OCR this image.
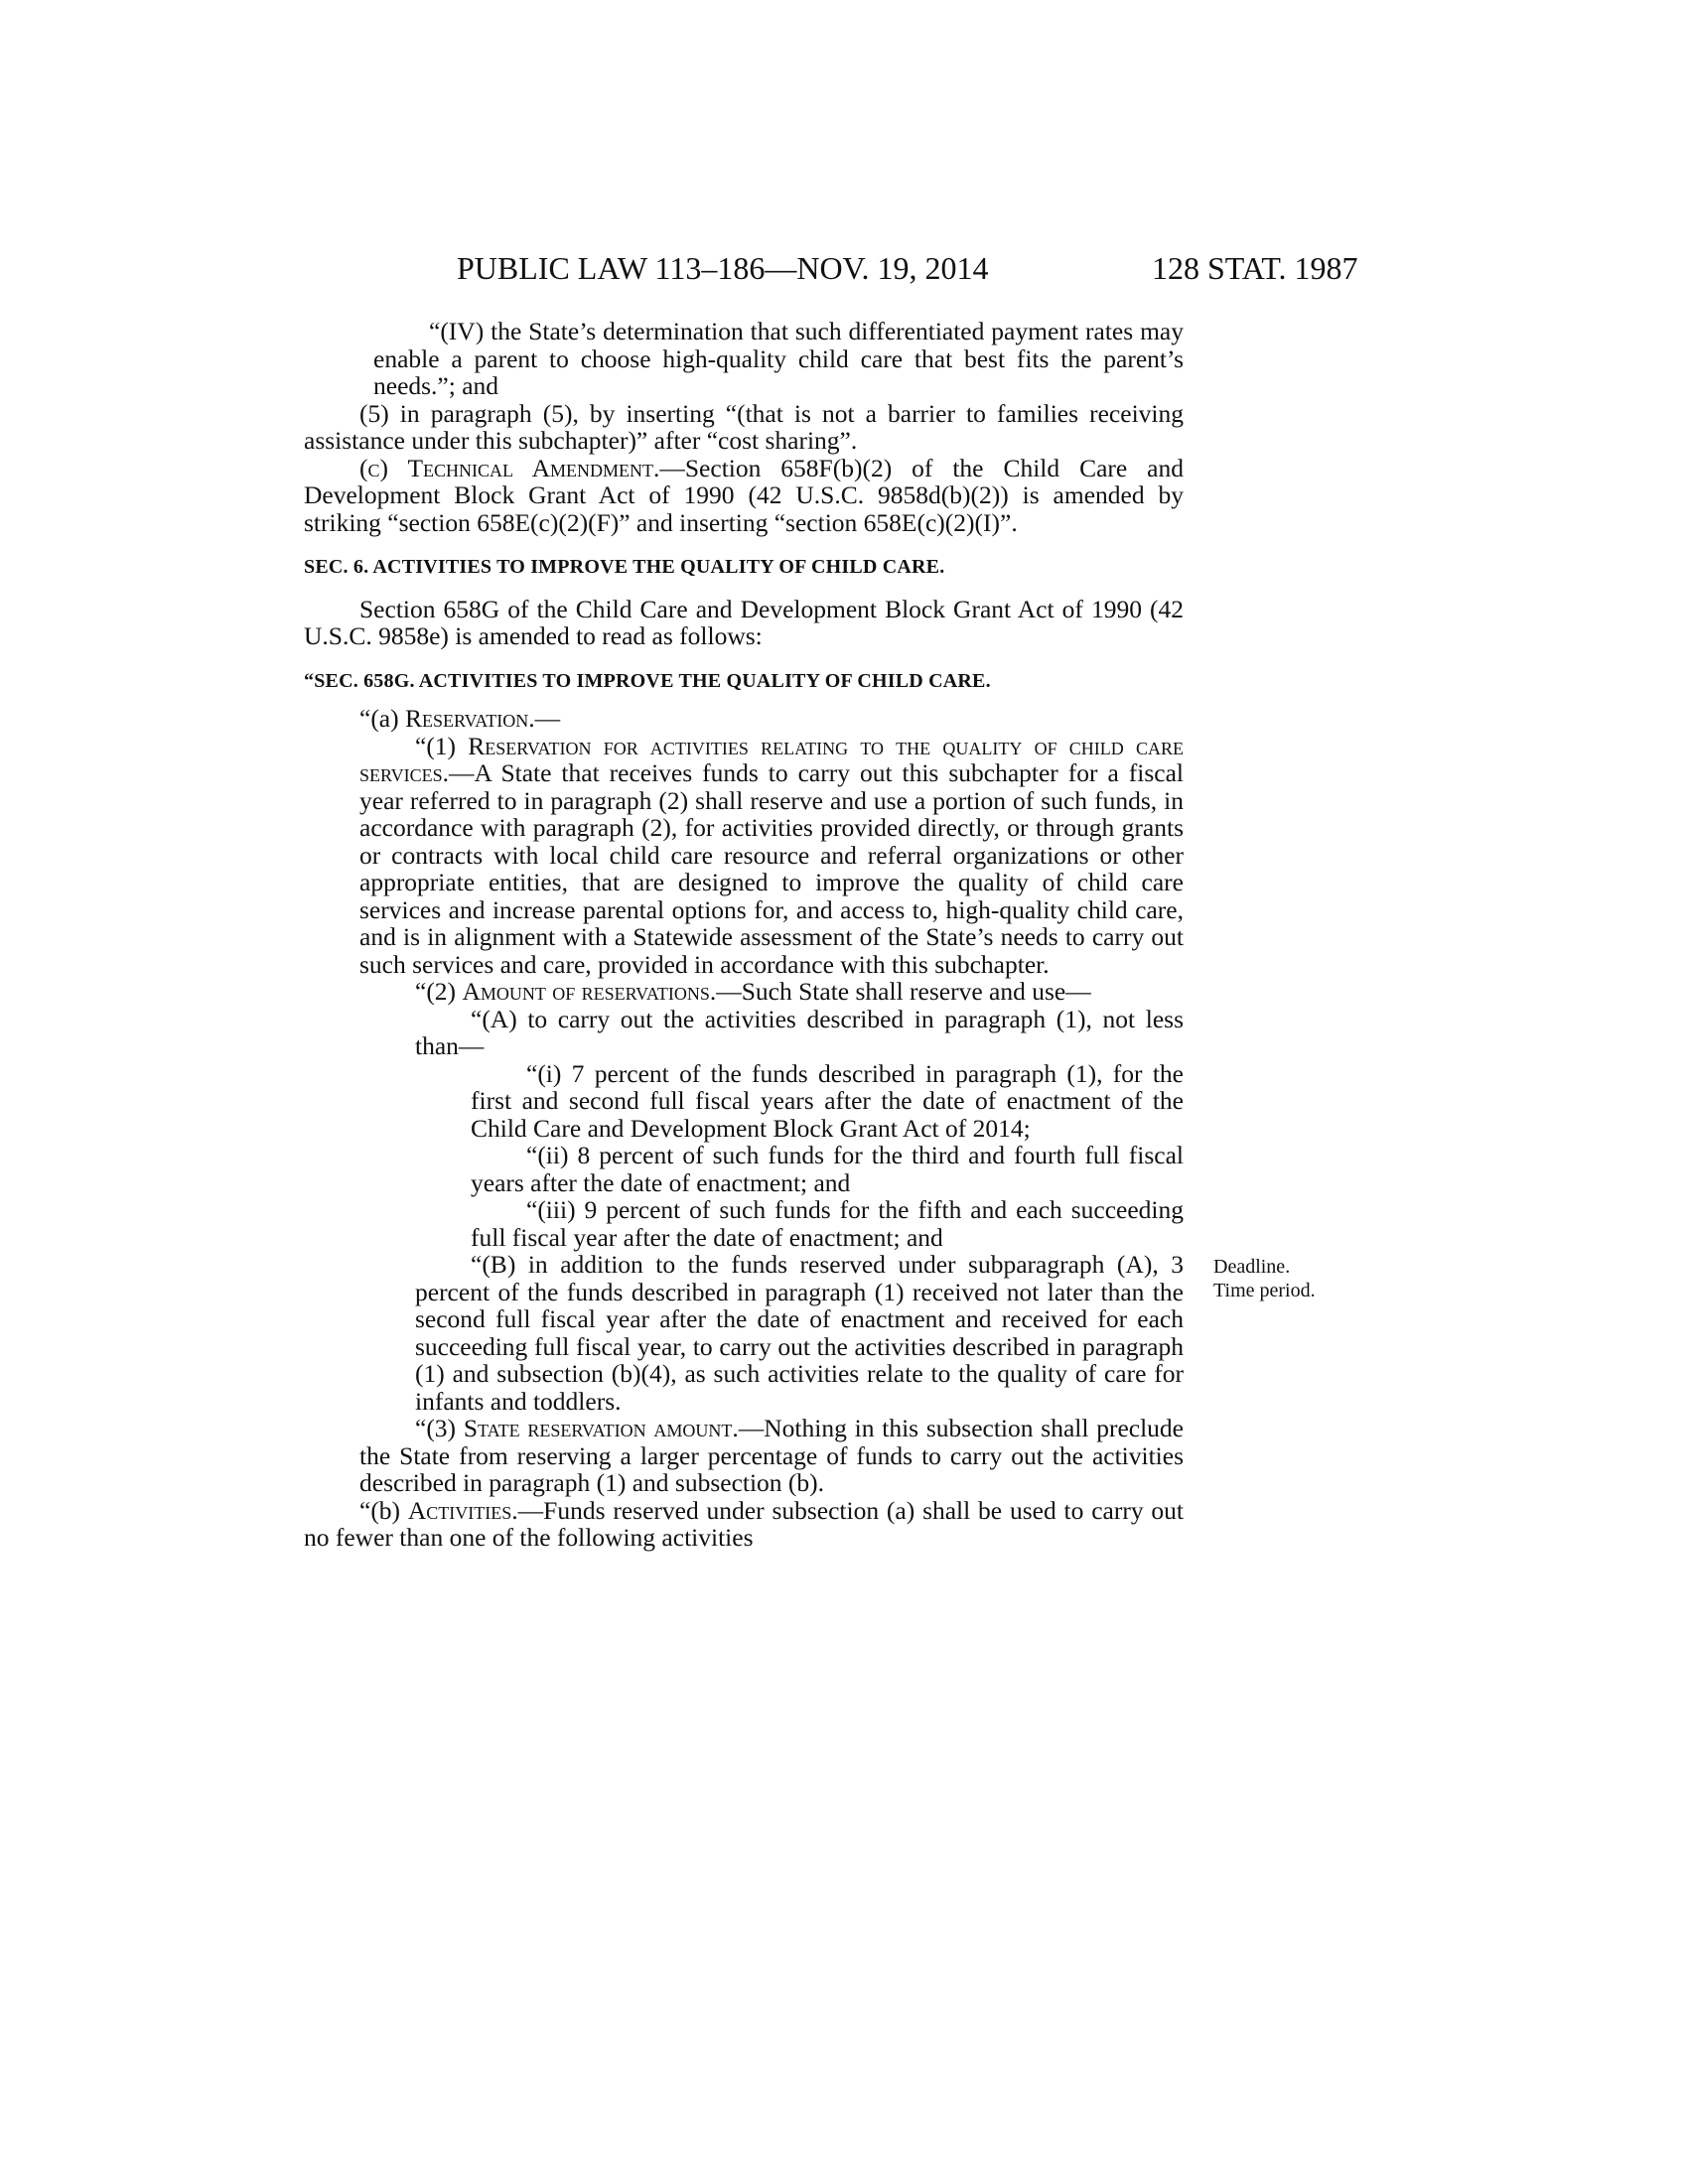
PUBLIC LAW 113–186—NOV. 19, 2014	128 STAT. 1987

“(IV) the State’s determination that such differentiated payment rates may enable a parent to choose high-quality child care that best fits the parent’s needs.”; and

(5) in paragraph (5), by inserting “(that is not a barrier to families receiving assistance under this subchapter)” after “cost sharing”.

(c) Technical Amendment.—Section 658F(b)(2) of the Child Care and Development Block Grant Act of 1990 (42 U.S.C. 9858d(b)(2)) is amended by striking “section 658E(c)(2)(F)” and inserting “section 658E(c)(2)(I)”.

SEC. 6. ACTIVITIES TO IMPROVE THE QUALITY OF CHILD CARE.

Section 658G of the Child Care and Development Block Grant Act of 1990 (42 U.S.C. 9858e) is amended to read as follows:

“SEC. 658G. ACTIVITIES TO IMPROVE THE QUALITY OF CHILD CARE.

“(a) Reservation.—

“(1) Reservation for activities relating to the quality of child care services.—A State that receives funds to carry out this subchapter for a fiscal year referred to in paragraph (2) shall reserve and use a portion of such funds, in accordance with paragraph (2), for activities provided directly, or through grants or contracts with local child care resource and referral organizations or other appropriate entities, that are designed to improve the quality of child care services and increase parental options for, and access to, high-quality child care, and is in alignment with a Statewide assessment of the State’s needs to carry out such services and care, provided in accordance with this subchapter.

“(2) Amount of reservations.—Such State shall reserve and use—

“(A) to carry out the activities described in paragraph (1), not less than—

“(i) 7 percent of the funds described in paragraph (1), for the first and second full fiscal years after the date of enactment of the Child Care and Development Block Grant Act of 2014;

“(ii) 8 percent of such funds for the third and fourth full fiscal years after the date of enactment; and

“(iii) 9 percent of such funds for the fifth and each succeeding full fiscal year after the date of enactment; and

“(B) in addition to the funds reserved under subparagraph (A), 3 percent of the funds described in paragraph (1) received not later than the second full fiscal year after the date of enactment and received for each succeeding full fiscal year, to carry out the activities described in paragraph (1) and subsection (b)(4), as such activities relate to the quality of care for infants and toddlers.

“(3) State reservation amount.—Nothing in this subsection shall preclude the State from reserving a larger percentage of funds to carry out the activities described in paragraph (1) and subsection (b).

“(b) Activities.—Funds reserved under subsection (a) shall be used to carry out no fewer than one of the following activities

Deadline.
Time period.
